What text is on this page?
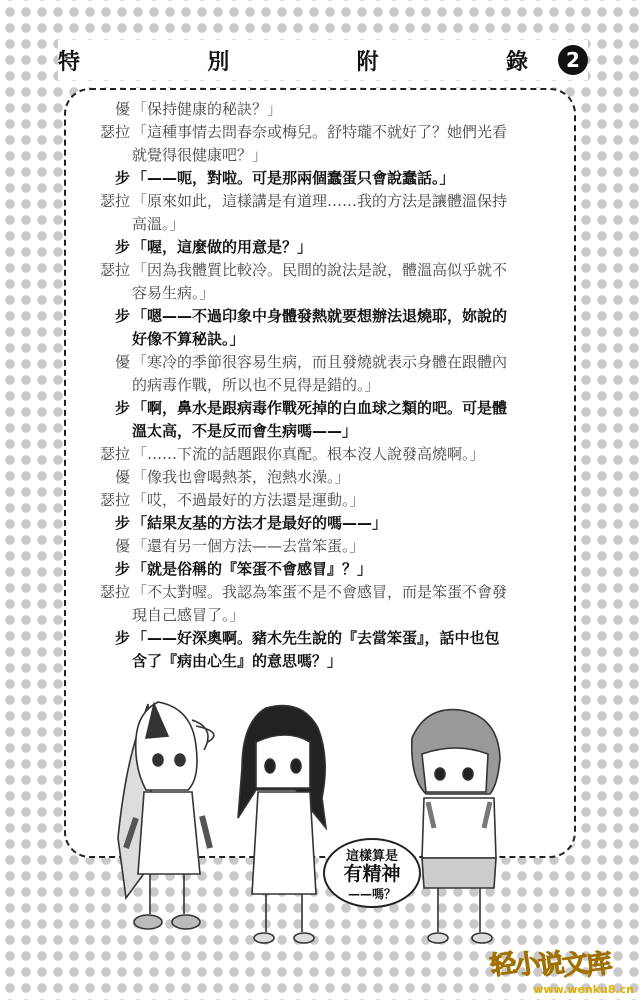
特	別	附	錄	2
優 「保持健康的秘訣？」
瑟拉 「這種事情去問春奈或梅兒。舒特瓏不就好了？她們光看
就覺得很健康吧？」
步 「——呃，對啦。可是那兩個蠢蛋只會說蠢話。」
瑟拉 「原來如此，這樣講是有道理……我的方法是讓體溫保持
高溫。」
步 「喔，這麼做的用意是？」
瑟拉 「因為我體質比較冷。民間的說法是說，體溫高似乎就不
容易生病。」
步 「嗯——不過印象中身體發熱就要想辦法退燒耶，妳說的
好像不算秘訣。」
優 「寒冷的季節很容易生病，而且發燒就表示身體在跟體內
的病毒作戰，所以也不見得是錯的。」
步 「啊，鼻水是跟病毒作戰死掉的白血球之類的吧。可是體
溫太高，不是反而會生病嗎——」
瑟拉 「……下流的話題跟你真配。根本沒人說發高燒啊。」
優 「像我也會喝熱茶，泡熱水澡。」
瑟拉 「哎，不過最好的方法還是運動。」
步 「結果友基的方法才是最好的嗎——」
優 「還有另一個方法——去當笨蛋。」
步 「就是俗稱的『笨蛋不會感冒』？」
瑟拉 「不太對喔。我認為笨蛋不是不會感冒，而是笨蛋不會發
現自己感冒了。」
步 「——好深奧啊。豬木先生說的『去當笨蛋』，話中也包
含了『病由心生』的意思嗎？」
這樣算是
有精神
——嗎？
轻
小
说
文
库
www.wenku8.cn
